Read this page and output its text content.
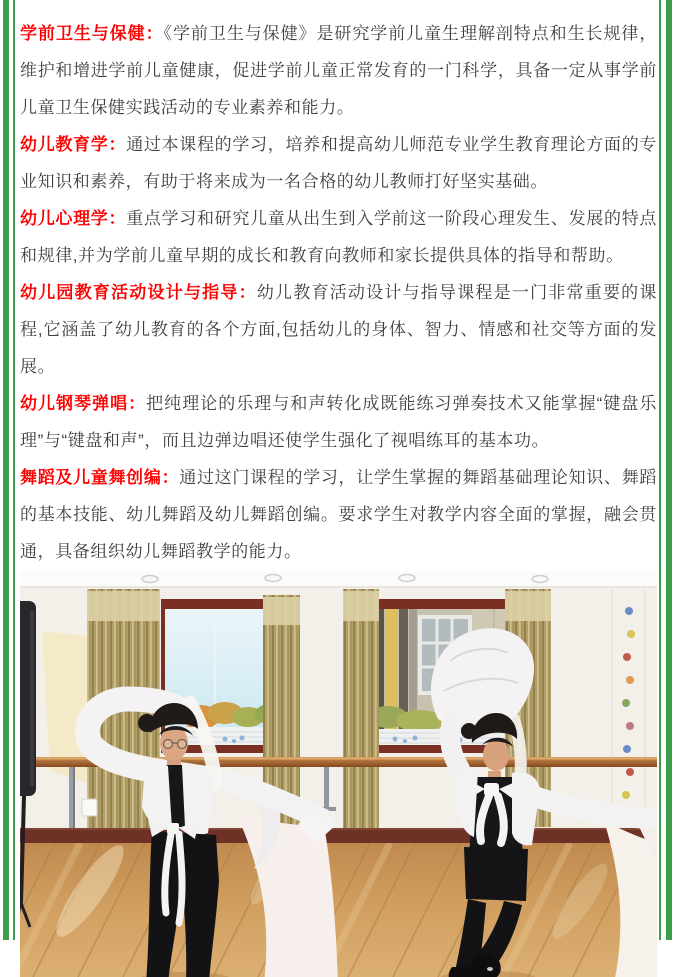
学前卫生与保健：《学前卫生与保健》是研究学前儿童生理解剖特点和生长规律，维护和增进学前儿童健康，促进学前儿童正常发育的一门科学，具备一定从事学前儿童卫生保健实践活动的专业素养和能力。

幼儿教育学：通过本课程的学习，培养和提高幼儿师范专业学生教育理论方面的专业知识和素养，有助于将来成为一名合格的幼儿教师打好坚实基础。

幼儿心理学：重点学习和研究儿童从出生到入学前这一阶段心理发生、发展的特点和规律,并为学前儿童早期的成长和教育向教师和家长提供具体的指导和帮助。

幼儿园教育活动设计与指导：幼儿教育活动设计与指导课程是一门非常重要的课程,它涵盖了幼儿教育的各个方面,包括幼儿的身体、智力、情感和社交等方面的发展。

幼儿钢琴弹唱：把纯理论的乐理与和声转化成既能练习弹奏技术又能掌握“键盘乐理”与“键盘和声”，而且边弹边唱还使学生强化了视唱练耳的基本功。

舞蹈及儿童舞创编：通过这门课程的学习，让学生掌握的舞蹈基础理论知识、舞蹈的基本技能、幼儿舞蹈及幼儿舞蹈创编。要求学生对教学内容全面的掌握，融会贯通，具备组织幼儿舞蹈教学的能力。
